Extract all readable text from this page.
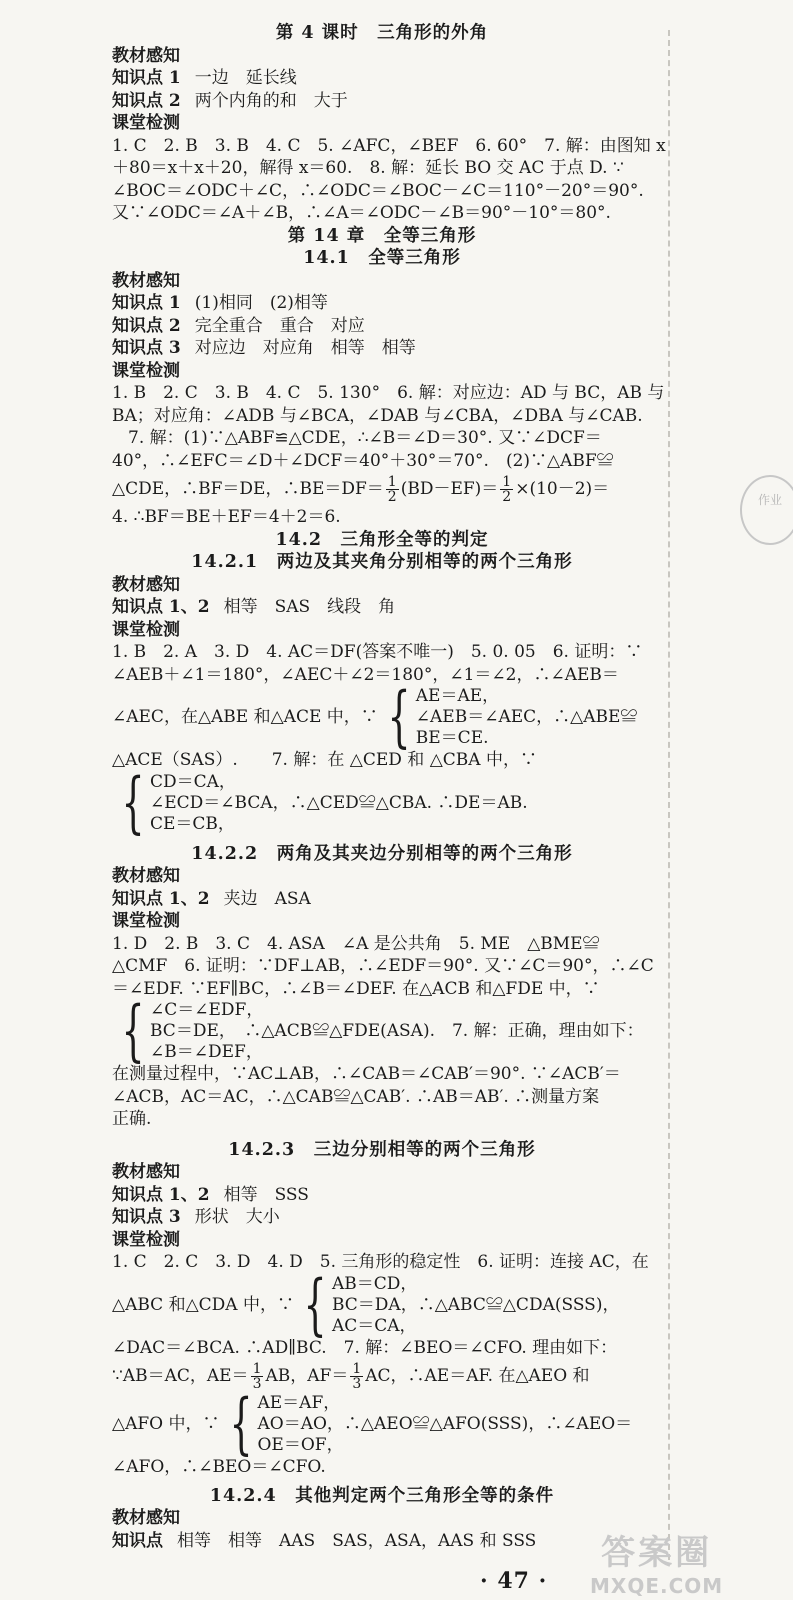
第 4 课时　三角形的外角
教材感知
知识点 1 一边　延长线
知识点 2 两个内角的和　大于
课堂检测
1. C　2. B　3. B　4. C　5. ∠AFC，∠BEF　6. 60°　7. 解：由图知 x
＋80＝x＋x＋20，解得 x＝60.　8. 解：延长 BO 交 AC 于点 D. ∵
∠BOC＝∠ODC＋∠C，∴∠ODC＝∠BOC－∠C＝110°－20°＝90°.
又∵∠ODC＝∠A＋∠B，∴∠A＝∠ODC－∠B＝90°－10°＝80°.
第 14 章　全等三角形
14.1　全等三角形
教材感知
知识点 1 (1)相同　(2)相等
知识点 2 完全重合　重合　对应
知识点 3 对应边　对应角　相等　相等
课堂检测
1. B　2. C　3. B　4. C　5. 130°　6. 解：对应边：AD 与 BC，AB 与
BA；对应角：∠ADB 与∠BCA，∠DAB 与∠CBA，∠DBA 与∠CAB.
7. 解：(1)∵△ABF≌△CDE，∴∠B＝∠D＝30°. 又∵∠DCF＝
40°，∴∠EFC＝∠D＋∠DCF＝40°＋30°＝70°.　(2)∵△ABF≌
△CDE，∴BF＝DE，∴BE＝DF＝ $\frac{1}{2} (BD-EF)= \frac{1}{2} \times(10-2)=$
4. ∴BF＝BE＋EF＝4＋2＝6.
14.2　三角形全等的判定
14.2.1　两边及其夹角分别相等的两个三角形
教材感知
知识点 1、2 相等　SAS　线段　角
课堂检测
1. B　2. A　3. D　4. AC＝DF(答案不唯一)　5. 0. 05　6. 证明：∵
∠AEB＋∠1＝180°，∠AEC＋∠2＝180°，∠1＝∠2，∴∠AEB＝
∠AEC，在△ABE 和△ACE 中，∵ { AE＝AE，
∠AEB＝∠AEC，∴△ABE≌
BE＝CE.
△ACE（SAS）.　　7. 解：在 △CED 和 △CBA 中，∵
{ CD＝CA，
∠ECD＝∠BCA，∴△CED≌△CBA. ∴DE＝AB.
CE＝CB，
14.2.2　两角及其夹边分别相等的两个三角形
教材感知
知识点 1、2 夹边　ASA
课堂检测
1. D　2. B　3. C　4. ASA　∠A 是公共角　5. ME　△BME≌
△CMF　6. 证明：∵DF⊥AB，∴∠EDF＝90°. 又∵∠C＝90°，∴∠C
＝∠EDF. ∵EF∥BC，∴∠B＝∠DEF. 在△ACB 和△FDE 中，∵
{ ∠C＝∠EDF，
BC＝DE，　∴△ACB≌△FDE(ASA).　7. 解：正确，理由如下：
∠B＝∠DEF，
在测量过程中，∵AC⊥AB，∴∠CAB＝∠CAB′＝90°. ∵∠ACB′＝
∠ACB，AC＝AC，∴△CAB≌△CAB′. ∴AB＝AB′. ∴测量方案
正确.
14.2.3　三边分别相等的两个三角形
教材感知
知识点 1、2 相等　SSS
知识点 3 形状　大小
课堂检测
1. C　2. C　3. D　4. D　5. 三角形的稳定性　6. 证明：连接 AC，在
△ABC 和△CDA 中，∵ { AB＝CD，
BC＝DA，∴△ABC≌△CDA(SSS)，
AC＝CA，
∠DAC＝∠BCA. ∴AD∥BC.　7. 解：∠BEO＝∠CFO. 理由如下：
∵AB＝AC，$AE= \frac{1}{3}$ AB，$AF= \frac{1}{3}$ AC，∴AE＝AF. 在△AEO 和
△AFO 中，∵ { AE＝AF，
AO＝AO，∴△AEO≌△AFO(SSS)，∴∠AEO＝
OE＝OF，
∠AFO，∴∠BEO＝∠CFO.
14.2.4　其他判定两个三角形全等的条件
教材感知
知识点 相等　相等　AAS　SAS，ASA，AAS 和 SSS
作业
· 47 ·
答案圈
MXQE.COM
